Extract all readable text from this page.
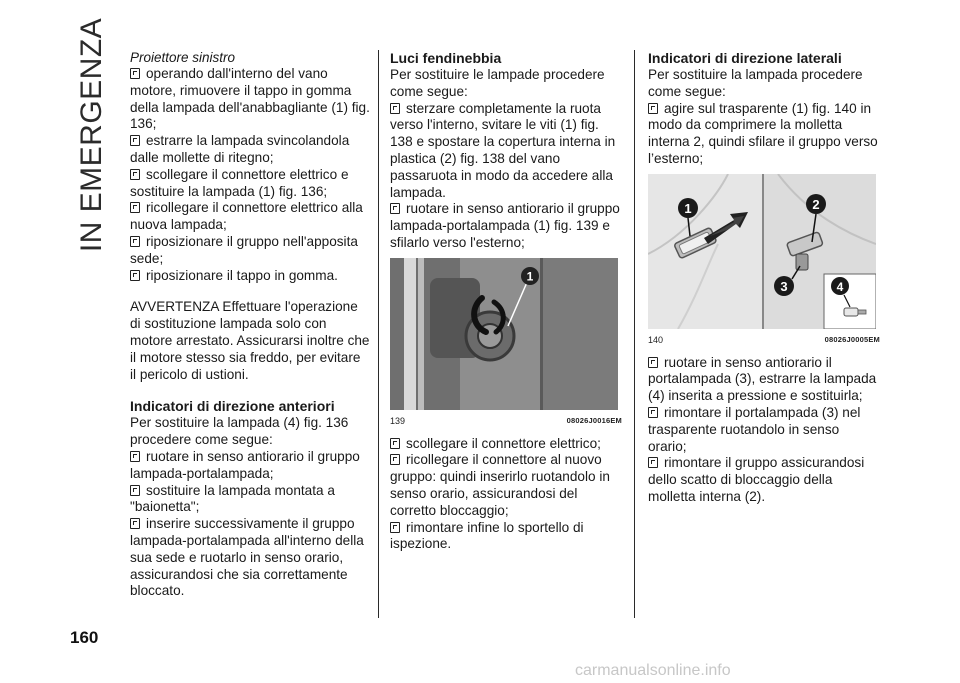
IN EMERGENZA Proiettore sinistro

operando dall'interno del vano motore, rimuovere il tappo in gomma della lampada dell'anabbagliante (1) fig. 136;

estrarre la lampada svincolandola dalle mollette di ritegno;

scollegare il connettore elettrico e sostituire la lampada (1) fig. 136;

ricollegare il connettore elettrico alla nuova lampada;

riposizionare il gruppo nell'apposita sede;

riposizionare il tappo in gomma.

AVVERTENZA Effettuare l'operazione di sostituzione lampada solo con motore arrestato. Assicurarsi inoltre che il motore stesso sia freddo, per evitare il pericolo di ustioni.

Indicatori di direzione anteriori

Per sostituire la lampada (4) fig. 136 procedere come segue:

ruotare in senso antiorario il gruppo lampada-portalampada;

sostituire la lampada montata a "baionetta";

inserire successivamente il gruppo lampada-portalampada all'interno della sua sede e ruotarlo in senso orario, assicurandosi che sia correttamente bloccato.

Luci fendinebbia

Per sostituire le lampade procedere come segue:

sterzare completamente la ruota verso l'interno, svitare le viti (1) fig. 138 e spostare la copertura interna in plastica (2) fig. 138 del vano passaruota in modo da accedere alla lampada.

ruotare in senso antiorario il gruppo lampada-portalampada (1) fig. 139 e sfilarlo verso l'esterno;

1
139	08026J0016EM

scollegare il connettore elettrico;

ricollegare il connettore al nuovo gruppo: quindi inserirlo ruotandolo in senso orario, assicurandosi del corretto bloccaggio;

rimontare infine lo sportello di ispezione.

Indicatori di direzione laterali

Per sostituire la lampada procedere come segue:

agire sul trasparente (1) fig. 140 in modo da comprimere la molletta interna 2, quindi sfilare il gruppo verso l’esterno;

1	2
3	4
140	08026J0005EM

ruotare in senso antiorario il portalampada (3), estrarre la lampada (4) inserita a pressione e sostituirla;

rimontare il portalampada (3) nel trasparente ruotandolo in senso orario;

rimontare il gruppo assicurandosi dello scatto di bloccaggio della molletta interna (2).

160
carmanualsonline.info
